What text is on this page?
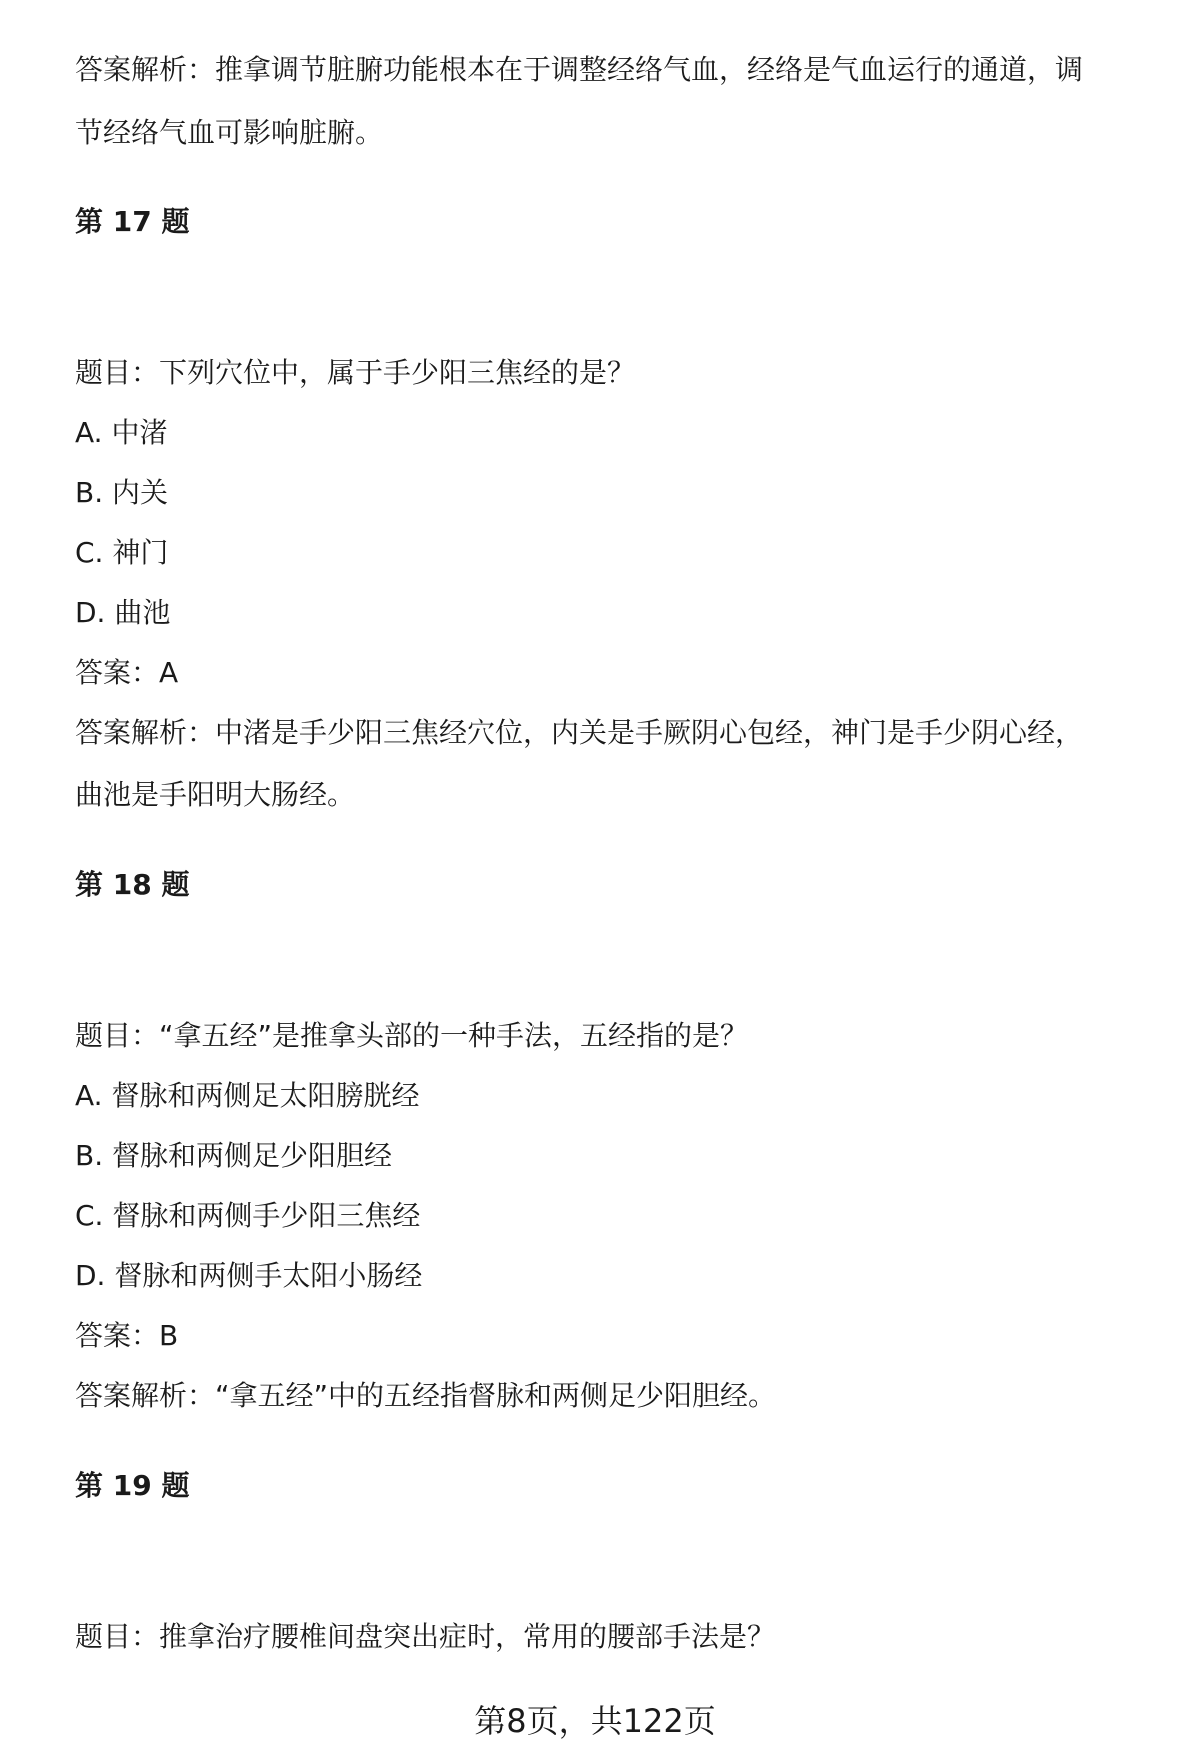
答案解析：推拿调节脏腑功能根本在于调整经络气血，经络是气血运行的通道，调
节经络气血可影响脏腑。
第 17 题
题目：下列穴位中，属于手少阳三焦经的是？
A. 中渚
B. 内关
C. 神门
D. 曲池
答案：A
答案解析：中渚是手少阳三焦经穴位，内关是手厥阴心包经，神门是手少阴心经，
曲池是手阳明大肠经。
第 18 题
题目：“拿五经”是推拿头部的一种手法，五经指的是？
A. 督脉和两侧足太阳膀胱经
B. 督脉和两侧足少阳胆经
C. 督脉和两侧手少阳三焦经
D. 督脉和两侧手太阳小肠经
答案：B
答案解析：“拿五经”中的五经指督脉和两侧足少阳胆经。
第 19 题
题目：推拿治疗腰椎间盘突出症时，常用的腰部手法是？
第8页，共122页
